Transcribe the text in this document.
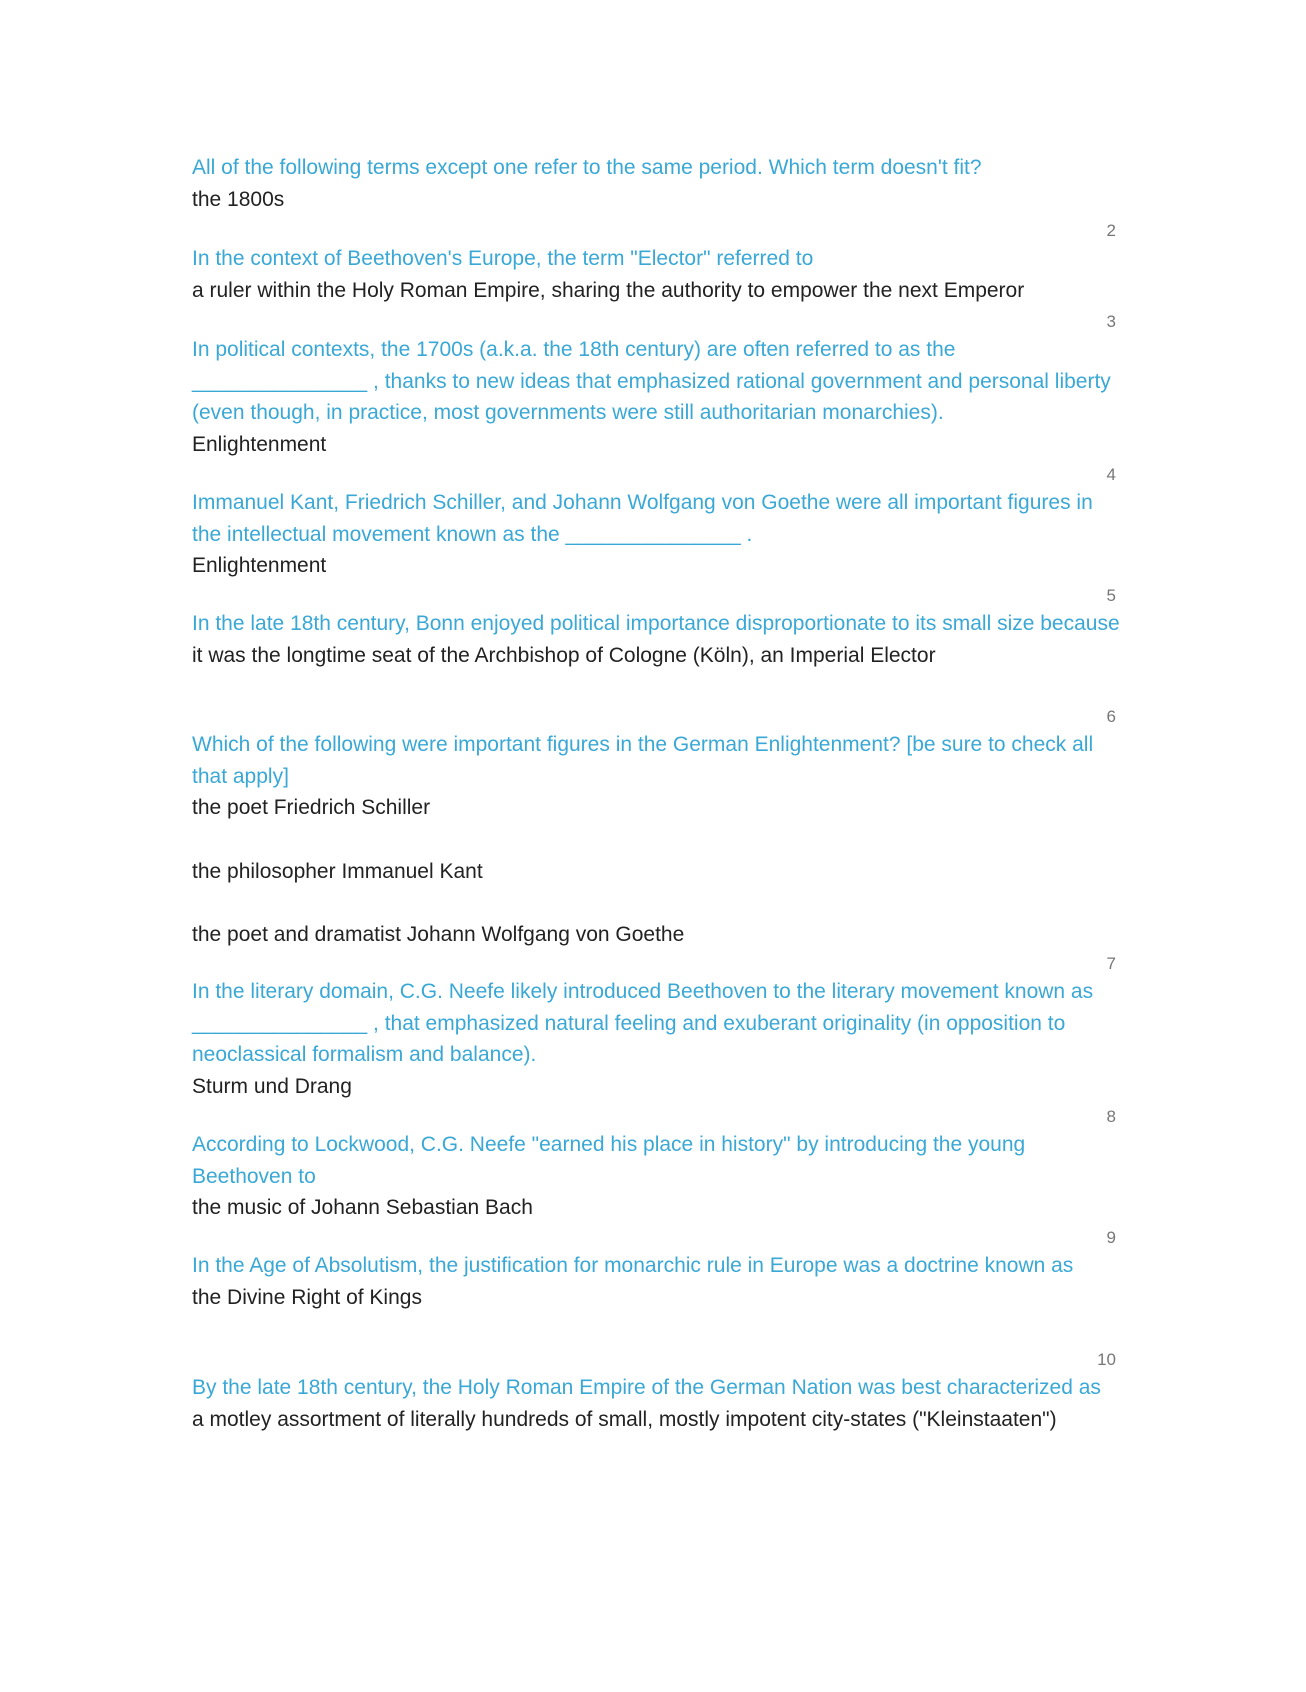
All of the following terms except one refer to the same period. Which term doesn't fit?

the 1800s

2

In the context of Beethoven's Europe, the term "Elector" referred to

a ruler within the Holy Roman Empire, sharing the authority to empower the next Emperor

3

In political contexts, the 1700s (a.k.a. the 18th century) are often referred to as the _______________ , thanks to new ideas that emphasized rational government and personal liberty (even though, in practice, most governments were still authoritarian monarchies).

Enlightenment

4

Immanuel Kant, Friedrich Schiller, and Johann Wolfgang von Goethe were all important figures in the intellectual movement known as the _______________ .

Enlightenment

5

In the late 18th century, Bonn enjoyed political importance disproportionate to its small size because

it was the longtime seat of the Archbishop of Cologne (Köln), an Imperial Elector

6

Which of the following were important figures in the German Enlightenment? [be sure to check all that apply]

the poet Friedrich Schiller

the philosopher Immanuel Kant

the poet and dramatist Johann Wolfgang von Goethe

7

In the literary domain, C.G. Neefe likely introduced Beethoven to the literary movement known as _______________ , that emphasized natural feeling and exuberant originality (in opposition to neoclassical formalism and balance).

Sturm und Drang

8

According to Lockwood, C.G. Neefe "earned his place in history" by introducing the young Beethoven to

the music of Johann Sebastian Bach

9

In the Age of Absolutism, the justification for monarchic rule in Europe was a doctrine known as

the Divine Right of Kings

10

By the late 18th century, the Holy Roman Empire of the German Nation was best characterized as

a motley assortment of literally hundreds of small, mostly impotent city-states ("Kleinstaaten")
